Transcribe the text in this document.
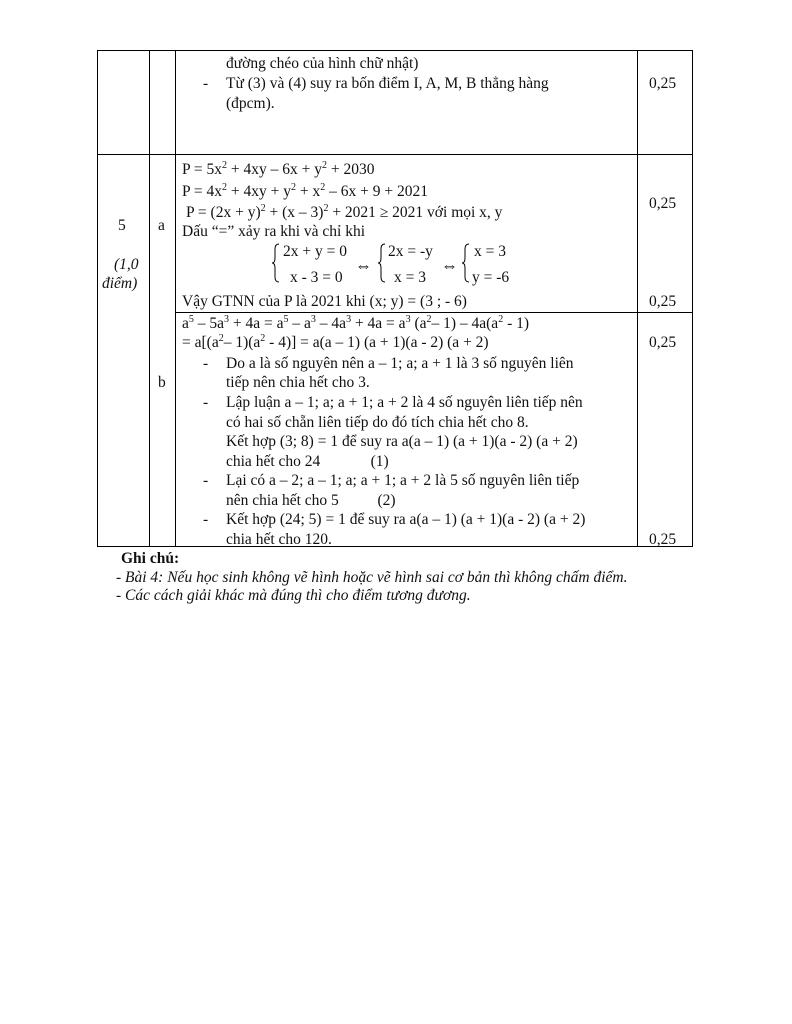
đường chéo của hình chữ nhật)
- Từ (3) và (4) suy ra bốn điểm I, A, M, B thẳng hàng
(đpcm).
0,25
5
(1,0
điểm)
a
b
$P = 5x^2 + 4xy - 6x + y^2 + 2030$
$P = 4x^2 + 4xy + y^2 + x^2 - 6x + 9 + 2021$
$P = (2x + y)^2 + (x - 3)^2 + 2021 \ge 2021$ với mọi x, y
Dấu “=” xảy ra khi và chỉ khi
2x + y = 0
x - 3 = 0
⇔
2x = -y
x = 3
⇔
x = 3
y = -6
Vậy GTNN của P là 2021 khi (x; y) = (3 ; - 6)
0,25
0,25
$a^5 - 5a^3 + 4a = a^5 - a^3 - 4a^3 + 4a = a^3$ ($a^2-$ $1) - 4a(a^2 - 1)$
= $a[(a^2-$ $1)(a^2 - 4)] = a(a - 1)$ (a + 1)(a - 2) (a + 2)	0,25
0,25
- Do a là số nguyên nên a – 1; a; a + 1 là 3 số nguyên liên
tiếp nên chia hết cho 3.
- Lập luận a – 1; a; a + 1; a + 2 là 4 số nguyên liên tiếp nên
có hai số chẵn liên tiếp do đó tích chia hết cho 8.
Kết hợp (3; 8) = 1 để suy ra a(a – 1) (a + 1)(a - 2) (a + 2)
chia hết cho 24             (1)
- Lại có a – 2; a – 1; a; a + 1; a + 2 là 5 số nguyên liên tiếp
nên chia hết cho 5          (2)
- Kết hợp (24; 5) = 1 để suy ra a(a – 1) (a + 1)(a - 2) (a + 2)
chia hết cho 120.
Ghi chú:
- Bài 4: Nếu học sinh không vẽ hình hoặc vẽ hình sai cơ bản thì không chấm điểm.
- Các cách giải khác mà đúng thì cho điểm tương đương.
